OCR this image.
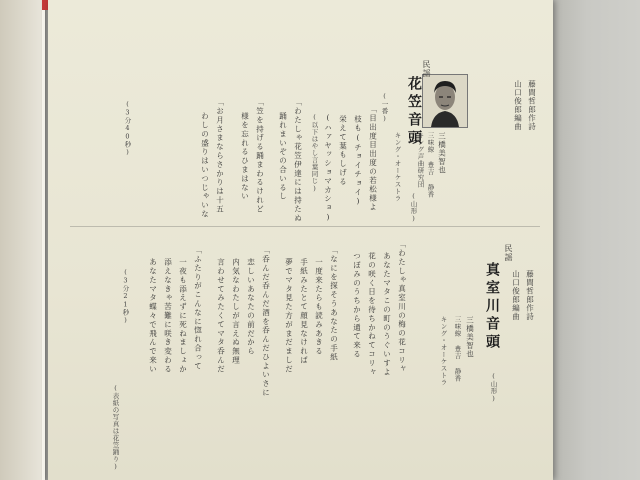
藤間哲郎作詩
山口俊郎編曲
民謡
花笠音頭
(山形)
三橋美智也
三味線 豊吉 静香
キング声曲研究団
キング・オーケストラ
(一番)
「目出度目出度の若松様よ
枝も(チョイチョイ)
栄えて葉もしげる
(ハァヤッショマカショ)
(以下はやし言葉同じ)
「わたしゃ花笠伊達には持たぬ
踊れまいぞの合いるし
「笠を持げる踊まわるけれど
様を忘れるひまはない
「お月さまならさかりは十五
わしの盛りはいつじゃいな
(3分40秒)
藤間哲郎作詩
山口俊郎編曲
民謡
真室川音頭
(山形)
三橋美智也
三味線 豊吉 静香
キング・オーケストラ
「わたしゃ真室川の梅の花コリャ
あなたマタこの町のうぐいすよ
花の咲く日を待ちかねてコリャ
つぼみのうちから通て来る
「なにを探そうあなたの手紙
一度来たらも読みあきる
手紙みたとて顔見なければ
夢でマタ見た方がまだましだ
「呑んだ呑んだ酒を呑んだひよいさに
恋しいあなたの前だから
内気なわたしが言えぬ無理
言わせてみたくてマタ呑んだ
「ふたりがこんなに惚れ合って
一夜も添えずに死ねましょか
添えなきゃ苦難に咲き変わる
あなたマタ蝶々で飛んで来い
(3分21秒)
(表紙の写真は花笠踊り)
